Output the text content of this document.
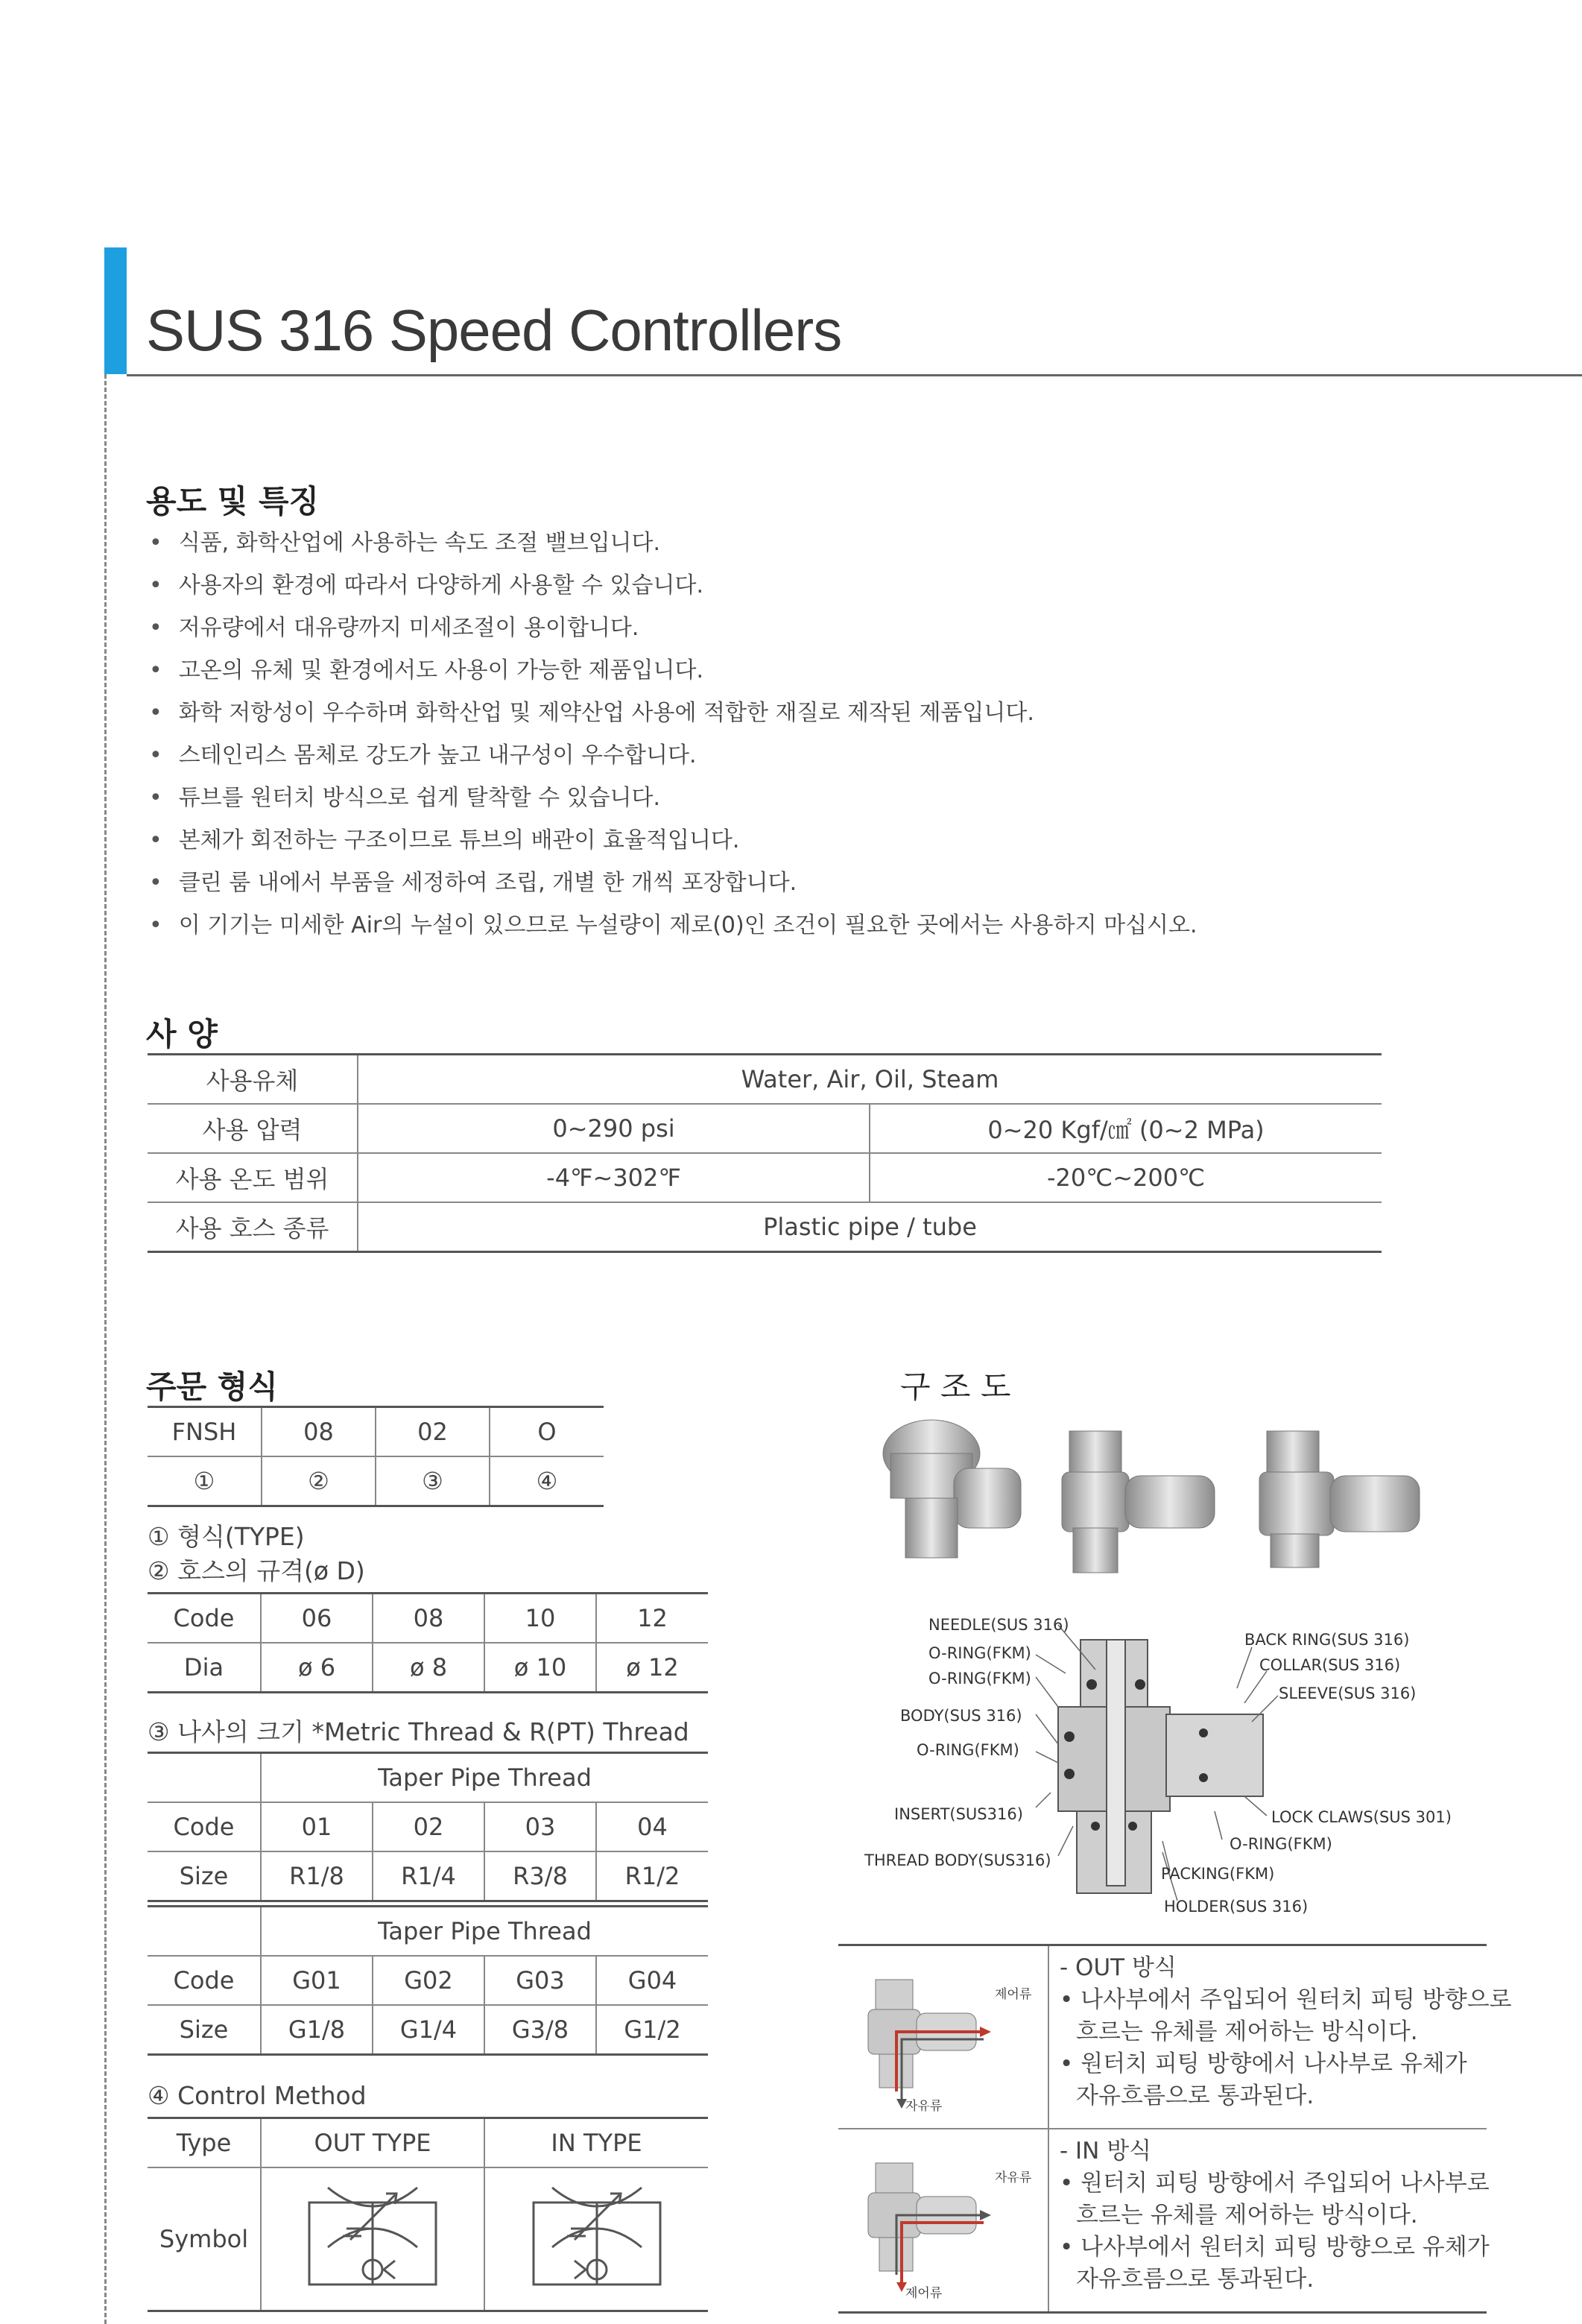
SUS 316 Speed Controllers
용도 및 특징
• 식품, 화학산업에 사용하는 속도 조절 밸브입니다.
• 사용자의 환경에 따라서 다양하게 사용할 수 있습니다.
• 저유량에서 대유량까지 미세조절이 용이합니다.
• 고온의 유체 및 환경에서도 사용이 가능한 제품입니다.
• 화학 저항성이 우수하며 화학산업 및 제약산업 사용에 적합한 재질로 제작된 제품입니다.
• 스테인리스 몸체로 강도가 높고 내구성이 우수합니다.
• 튜브를 원터치 방식으로 쉽게 탈착할 수 있습니다.
• 본체가 회전하는 구조이므로 튜브의 배관이 효율적입니다.
• 클린 룸 내에서 부품을 세정하여 조립, 개별 한 개씩 포장합니다.
• 이 기기는 미세한 Air의 누설이 있으므로 누설량이 제로(0)인 조건이 필요한 곳에서는 사용하지 마십시오.
사 양
사용유체	Water, Air, Oil, Steam	
사용 압력	0~290 psi	0~20 Kgf/㎠ (0~2 MPa)
사용 온도 범위	-4℉~302℉	-20℃~200℃
사용 호스 종류	Plastic pipe / tube	
주문 형식
FNSH	08	02	O
①	②	③	④
① 형식(TYPE)
② 호스의 규격(ø D)
Code	06	08	10	12
Dia	ø 6	ø 8	ø 10	ø 12
③ 나사의 크기 *Metric Thread & R(PT) Thread
	Taper Pipe Thread			
Code	01	02	03	04
Size	R1/8	R1/4	R3/8	R1/2
	Taper Pipe Thread			
Code	G01	G02	G03	G04
Size	G1/8	G1/4	G3/8	G1/2
④ Control Method
Type	OUT TYPE	IN TYPE
Symbol		
구 조 도
NEEDLE(SUS 316)
O-RING(FKM)
O-RING(FKM)
BODY(SUS 316)
O-RING(FKM)
INSERT(SUS316)
THREAD BODY(SUS316)
BACK RING(SUS 316)
COLLAR(SUS 316)
SLEEVE(SUS 316)
LOCK CLAWS(SUS 301)
O-RING(FKM)
PACKING(FKM)
HOLDER(SUS 316)
제어류
자유류	- OUT 방식
• 나사부에서 주입되어 원터치 피팅 방향으로
흐르는 유체를 제어하는 방식이다.
• 원터치 피팅 방향에서 나사부로 유체가
자유흐름으로 통과된다.

자유류
제어류	- IN 방식
• 원터치 피팅 방향에서 주입되어 나사부로
흐르는 유체를 제어하는 방식이다.
• 나사부에서 원터치 피팅 방향으로 유체가
자유흐름으로 통과된다.
